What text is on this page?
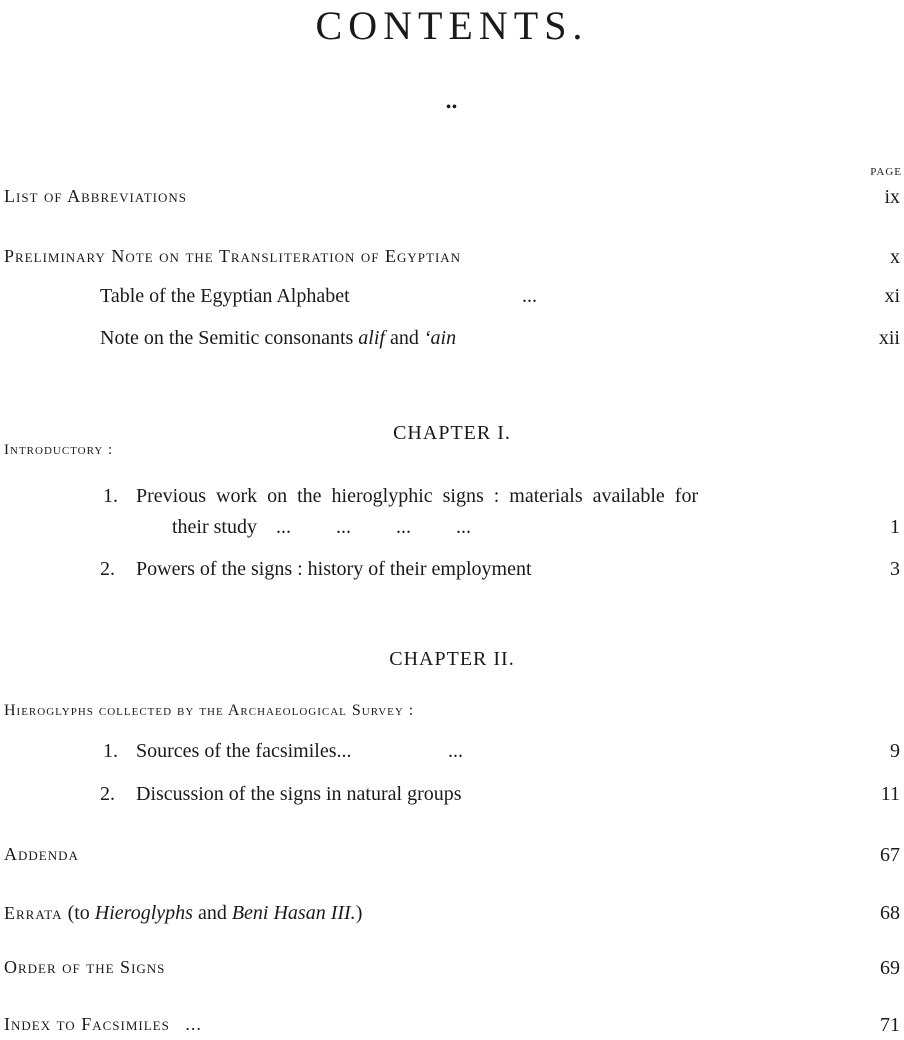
CONTENTS.
••
PAGE
List of Abbreviations	ix
Preliminary Note on the Transliteration of Egyptian	x
Table of the Egyptian Alphabet	...	xi
Note on the Semitic consonants alif and ‘ain	xii
CHAPTER I.
Introductory :
1. Previous work on the hieroglyphic signs : materials available for
their study ... ... ... ...	1
2. Powers of the signs : history of their employment	3
CHAPTER II.
Hieroglyphs collected by the Archaeological Survey :
1. Sources of the facsimiles...	...	9
2. Discussion of the signs in natural groups	11
Addenda	67
Errata (to Hieroglyphs and Beni Hasan III.)	68
Order of the Signs	69
Index to Facsimiles ...	71
